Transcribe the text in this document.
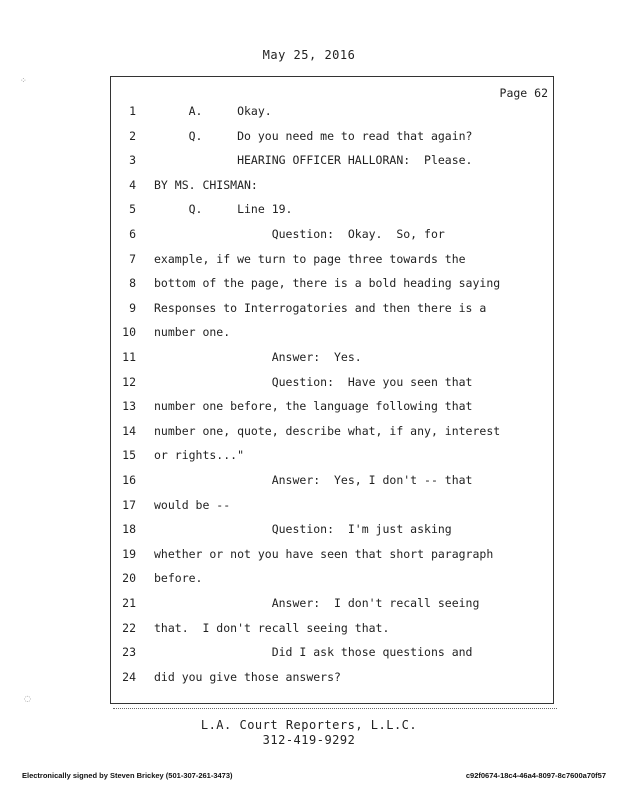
May 25, 2016
Page 62
1 A.     Okay.
2 Q.     Do you need me to read that again?
3 HEARING OFFICER HALLORAN:  Please.
4 BY MS. CHISMAN:
5 Q.     Line 19.
6 Question:  Okay.  So, for
7 example, if we turn to page three towards the
8 bottom of the page, there is a bold heading saying
9 Responses to Interrogatories and then there is a
10 number one.
11 Answer:  Yes.
12 Question:  Have you seen that
13 number one before, the language following that
14 number one, quote, describe what, if any, interest
15 or rights..."
16 Answer:  Yes, I don't -- that
17 would be --
18 Question:  I'm just asking
19 whether or not you have seen that short paragraph
20 before.
21 Answer:  I don't recall seeing
22 that.  I don't recall seeing that.
23 Did I ask those questions and
24 did you give those answers?
L.A. Court Reporters, L.L.C.
312-419-9292
Electronically signed by Steven Brickey (501-307-261-3473)	c92f0674-18c4-46a4-8097-8c7600a70f57
⁘
◌
